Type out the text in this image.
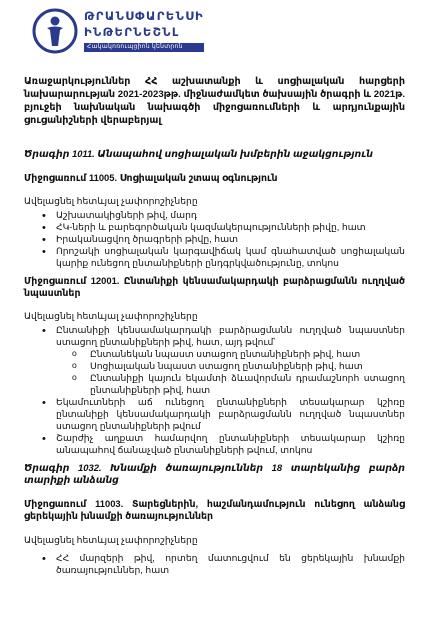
ԹՐԱՆՍՓԱՐԵՆՍԻ
ԻՆԹԵՐՆԵՇՆԼ
Հակակոռուպցիոն կենտրոն

Առաջարկություններ ՀՀ աշխատանքի և սոցիալական հարցերի նախարարության 2021-2023թթ. միջնաժամկետ ծախսային ծրագրի և 2021թ. բյուջեի նախնական նախագծի միջոցառումների և արդյունքային ցուցանիշների վերաբերյալ

Ծրագիր 1011. Անապահով սոցիալական խմբերին աջակցություն

Միջոցառում 11005. Սոցիալական շտապ օգնություն

Ավելացնել հետևյալ չափորոշիչները

• Աշխատակիցների թիվ, մարդ
• ՀԿ-ների և բարեգործական կազմակերպությունների թիվը, հատ
• Իրականացվող ծրագրերի թիվը, հատ
• Որոշակի սոցիալական կարգավիճակ կամ գնահատված սոցիալական կարիք ունեցող ընտանիքների ընդգրկվածությունը, տոկոս

Միջոցառում 12001. Ընտանիքի կենսամակարդակի բարձրացմանն ուղղված նպաստներ

Ավելացնել հետևյալ չափորոշիչները

• Ընտանիքի կենսամակարդակի բարձրացմանն ուղղված նպաստներ ստացող ընտանիքների թիվ, հատ, այդ թվում՝
o Ընտանեկան նպաստ ստացող ընտանիքների թիվ, հատ
o Սոցիալական նպաստ ստացող ընտանիքների թիվ, հատ
o Ընտանիքի կայուն եկամտի ձևավորման դրամաշնորհ ստացող ընտանիքների թիվ, հատ
• Եկամուտների աճ ունեցող ընտանիքների տեսակարար կշիռը ընտանիքի կենսամակարդակի բարձրացմանն ուղղված նպաստներ ստացող ընտանիքների թվում
• Շարժիչ աղքատ համարվող ընտանիքների տեսակարար կշիռը անապահով ճանաչված ընտանիքների թվում, տոկոս

Ծրագիր 1032. Խնամքի ծառայություններ 18 տարեկանից բարձր տարիքի անձանց

Միջոցառում 11003. Տարեցներին, հաշմանդամություն ունեցող անձանց ցերեկային խնամքի ծառայություններ

Ավելացնել հետևյալ չափորոշիչները

• ՀՀ մարզերի թիվ, որտեղ մատուցվում են ցերեկային խնամքի ծառայություններ, հատ
